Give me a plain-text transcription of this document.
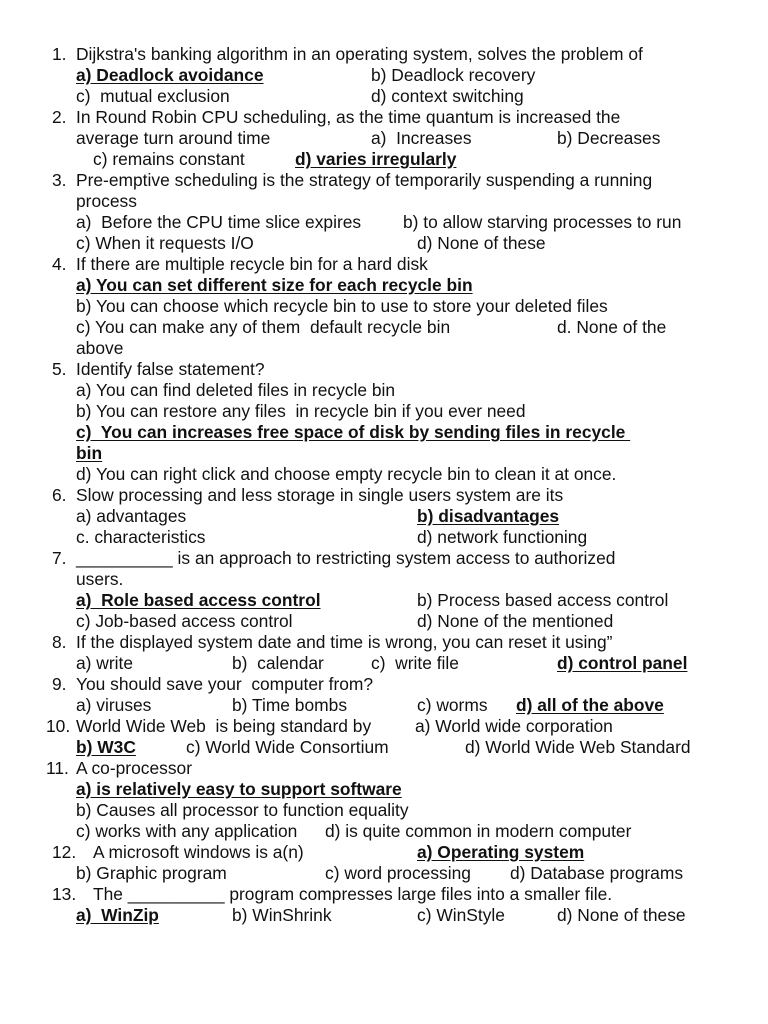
1.

Dijkstra's banking algorithm in an operating system, solves the problem of

a) Deadlock avoidance

	b) Deadlock recovery

c)  mutual exclusion

	d) context switching

2.

In Round Robin CPU scheduling, as the time quantum is increased the

average turn around time

	a)  Increases

	b) Decreases

c) remains constant

	d) varies irregularly

3.

Pre-emptive scheduling is the strategy of temporarily suspending a running

process

a)  Before the CPU time slice expires

b) to allow starving processes to run

c) When it requests I/O

	d) None of these

4.

If there are multiple recycle bin for a hard disk

a) You can set different size for each recycle bin

b) You can choose which recycle bin to use to store your deleted files

c) You can make any of them  default recycle bin

	d. None of the

above

5.

Identify false statement?

a) You can find deleted files in recycle bin

b) You can restore any files  in recycle bin if you ever need

c)  You can increases free space of disk by sending files in recycle

bin

d) You can right click and choose empty recycle bin to clean it at once.

6.

Slow processing and less storage in single users system are its

a) advantages

	b) disadvantages

c. characteristics

	d) network functioning

7.

__________ is an approach to restricting system access to authorized

users.

a)  Role based access control

	b) Process based access control

c) Job-based access control

	d) None of the mentioned

8.

If the displayed system date and time is wrong, you can reset it using”

a) write

	b)  calendar

	c)  write file

	d) control panel

9.

You should save your  computer from?

a) viruses

	b) Time bombs

	c) worms

d) all of the above

10.

World Wide Web  is being standard by

	a) World wide corporation

b) W3C

	c) World Wide Consortium

	d) World Wide Web Standard

11.

A co-processor

a) is relatively easy to support software

b) Causes all processor to function equality

c) works with any application

d) is quite common in modern computer

12.

A microsoft windows is a(n)

	a) Operating system

b) Graphic program

	c) word processing

d) Database programs

13.

The __________ program compresses large files into a smaller file.

a)  WinZip

	b) WinShrink

	c) WinStyle

	d) None of these
